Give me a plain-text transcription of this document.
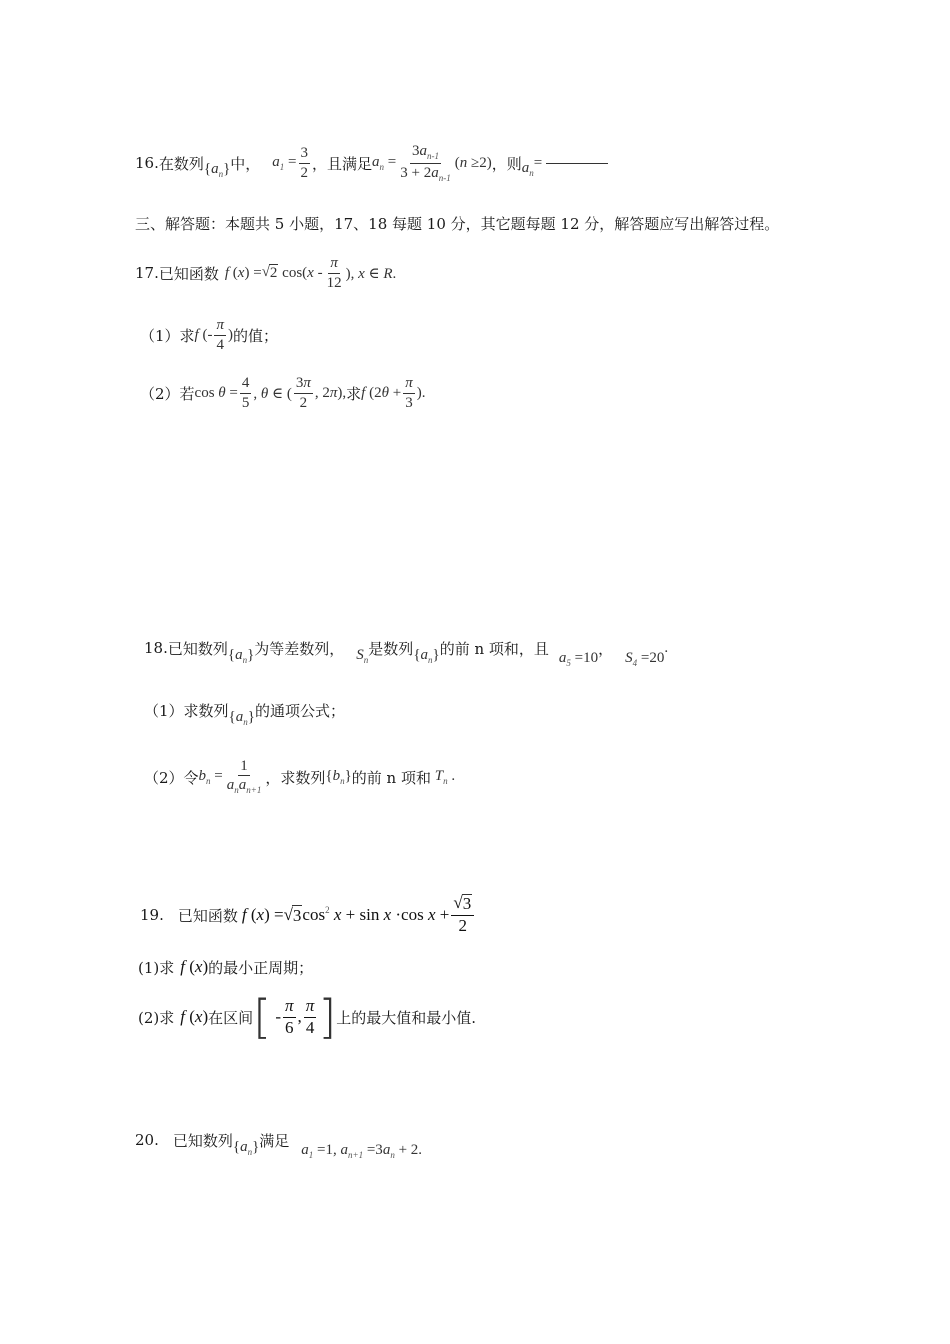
16. 在数列 $\{a_n\}$ 中， $a_1 = \frac{3}{2}$ ，且满足 $a_n = \frac{3a_{n-1}}{3 + 2a_{n-1}} (n \ge 2)$ ，则 $a_n$
=
三、解答题：本题共 5 小题，17、18 每题 10 分，其它题每题 12 分，解答题应写出解答过程。
17. 已知函数 f (x) = √ 2 $\cos(x - \frac{\pi}{12}$ ), x ∈ R.
（1）求 f (- $\frac{\pi}{4}$ ) 的值；
（2）若 $\cos \theta = \frac{4}{5}$ , θ ∈ ( $\frac{3\pi}{2}$ , 2π), 求 f ($2\theta + \frac{\pi}{3}$ ).
18. 已知数列 $\{a_n\}$ 为等差数列， $S_n$
是数列 $\{a_n\}$ 的前 n 项和，且
$a_5 =10$
，
$S_4 =20$
.
（1）求数列 $\{a_n\}$ 的通项公式；
（2）令 $b_n = \frac{1}{a_na_{n+1}}$ ，求数列 $\{b_n\}$ 的前 n 项和 $T_n$ .
19. 已知函数 f (x) = √ 3 $\cos^2 x + \sin x \cdot\cos$ $x + \frac{√ 3}{2}$
(1)求 f (x) 的最小正周期；
(2)求 f (x) 在区间 [ - $\frac{\pi}{6}$ , $\frac{\pi}{4}$ ] 上的最大值和最小值.
20. 已知数列 $\{a_n\}$ 满足
$a_1 =1$, $a_{n+1} =3a_n + 2$.
